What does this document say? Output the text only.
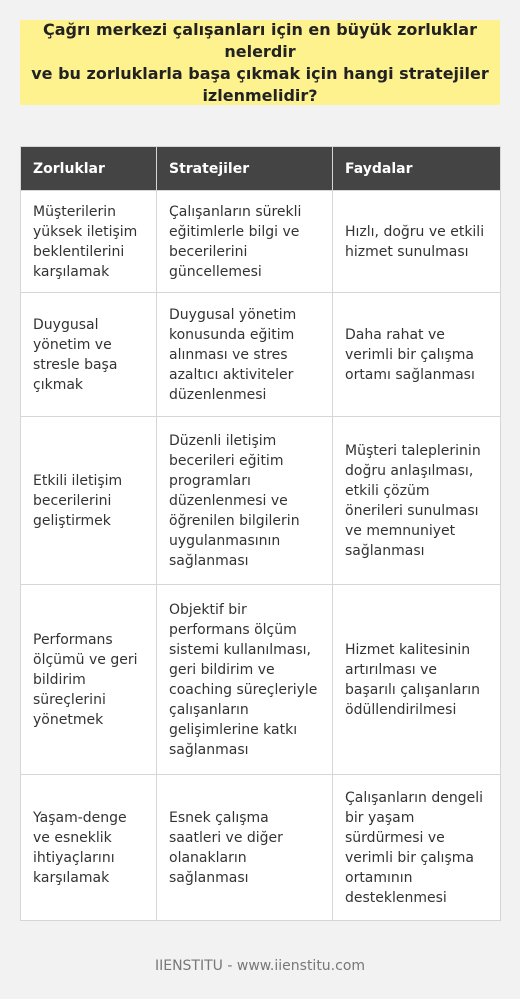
Çağrı merkezi çalışanları için en büyük zorluklar nelerdir
ve bu zorluklarla başa çıkmak için hangi stratejiler
izlenmelidir?
Zorluklar	Stratejiler	Faydalar
Müşterilerin yüksek iletişim beklentilerini karşılamak	Çalışanların sürekli eğitimlerle bilgi ve becerilerini güncellemesi	Hızlı, doğru ve etkili hizmet sunulması
Duygusal yönetim ve stresle başa çıkmak	Duygusal yönetim konusunda eğitim alınması ve stres azaltıcı aktiviteler düzenlenmesi	Daha rahat ve verimli bir çalışma ortamı sağlanması
Etkili iletişim becerilerini geliştirmek	Düzenli iletişim becerileri eğitim programları düzenlenmesi ve öğrenilen bilgilerin uygulanmasının sağlanması	Müşteri taleplerinin doğru anlaşılması, etkili çözüm önerileri sunulması ve memnuniyet sağlanması
Performans ölçümü ve geri bildirim süreçlerini yönetmek	Objektif bir performans ölçüm sistemi kullanılması, geri bildirim ve coaching süreçleriyle çalışanların gelişimlerine katkı sağlanması	Hizmet kalitesinin artırılması ve başarılı çalışanların ödüllendirilmesi
Yaşam-denge ve esneklik ihtiyaçlarını karşılamak	Esnek çalışma saatleri ve diğer olanakların sağlanması	Çalışanların dengeli bir yaşam sürdürmesi ve verimli bir çalışma ortamının desteklenmesi
IIENSTITU - www.iienstitu.com
